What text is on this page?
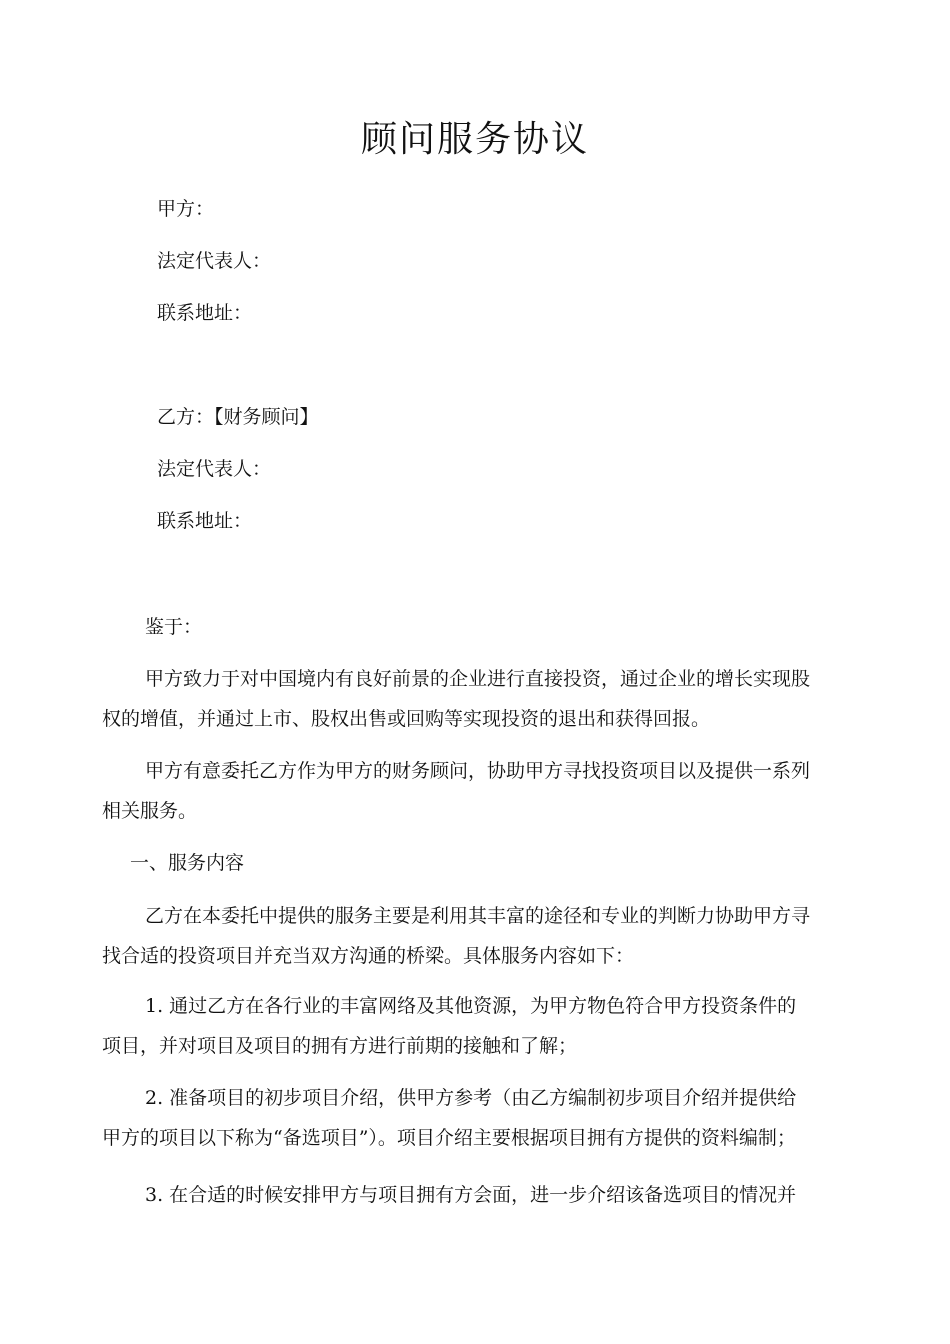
顾问服务协议
甲方：
法定代表人：
联系地址：
乙方：【财务顾问】
法定代表人：
联系地址：
鉴于：
甲方致力于对中国境内有良好前景的企业进行直接投资，通过企业的增长实现股
权的增值，并通过上市、股权出售或回购等实现投资的退出和获得回报。
甲方有意委托乙方作为甲方的财务顾问，协助甲方寻找投资项目以及提供一系列
相关服务。
一、服务内容
乙方在本委托中提供的服务主要是利用其丰富的途径和专业的判断力协助甲方寻
找合适的投资项目并充当双方沟通的桥梁。具体服务内容如下：
1. 通过乙方在各行业的丰富网络及其他资源，为甲方物色符合甲方投资条件的
项目，并对项目及项目的拥有方进行前期的接触和了解；
2. 准备项目的初步项目介绍，供甲方参考（由乙方编制初步项目介绍并提供给
甲方的项目以下称为“备选项目”）。项目介绍主要根据项目拥有方提供的资料编制；
3. 在合适的时候安排甲方与项目拥有方会面，进一步介绍该备选项目的情况并
